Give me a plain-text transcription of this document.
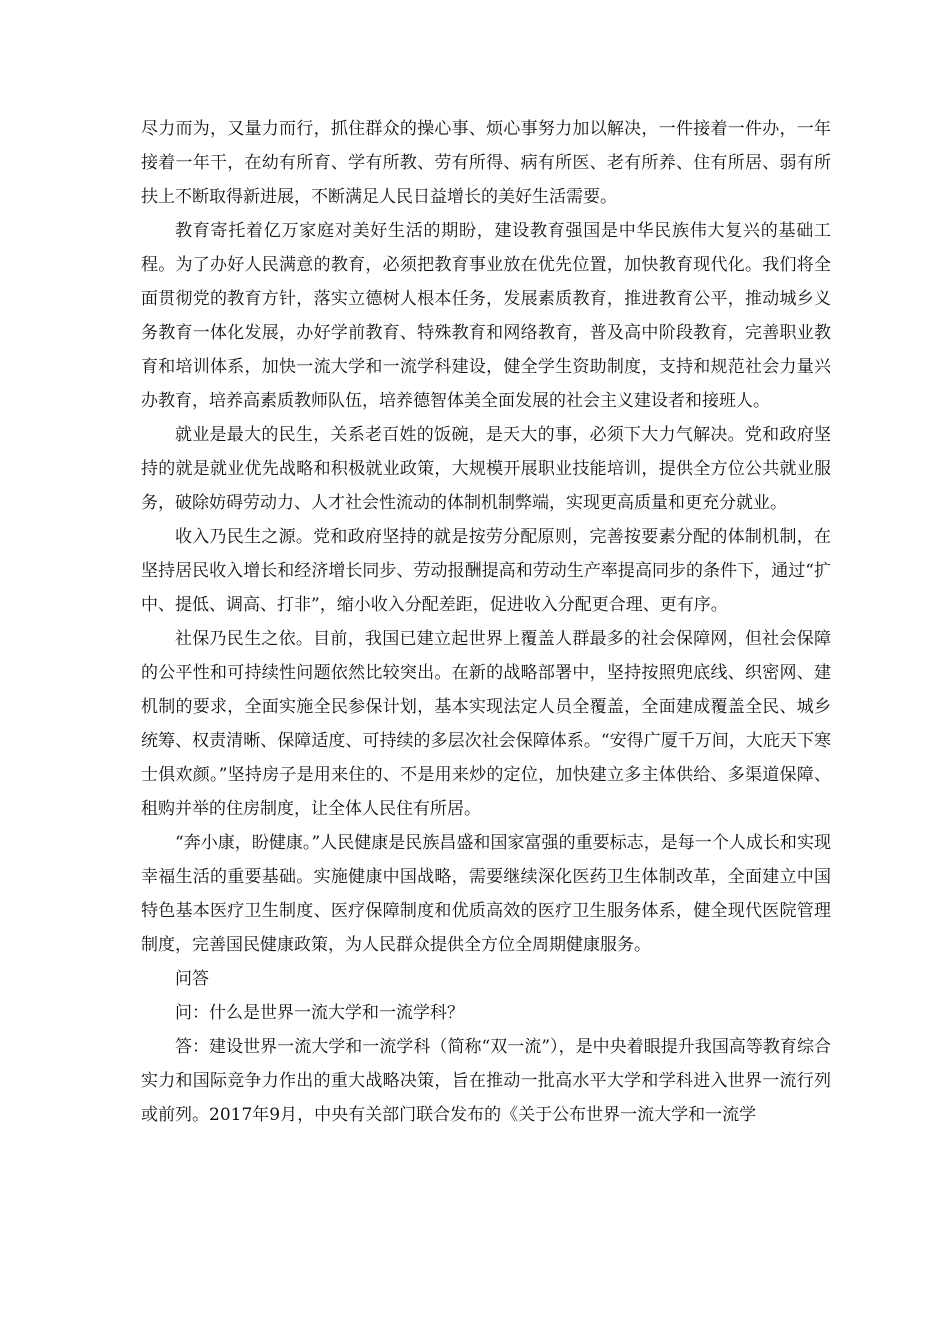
尽力而为，又量力而行，抓住群众的操心事、烦心事努力加以解决，一件接着一件办，一年接着一年干，在幼有所育、学有所教、劳有所得、病有所医、老有所养、住有所居、弱有所扶上不断取得新进展，不断满足人民日益增长的美好生活需要。

教育寄托着亿万家庭对美好生活的期盼，建设教育强国是中华民族伟大复兴的基础工程。为了办好人民满意的教育，必须把教育事业放在优先位置，加快教育现代化。我们将全面贯彻党的教育方针，落实立德树人根本任务，发展素质教育，推进教育公平，推动城乡义务教育一体化发展，办好学前教育、特殊教育和网络教育，普及高中阶段教育，完善职业教育和培训体系，加快一流大学和一流学科建设，健全学生资助制度，支持和规范社会力量兴办教育，培养高素质教师队伍，培养德智体美全面发展的社会主义建设者和接班人。

就业是最大的民生，关系老百姓的饭碗，是天大的事，必须下大力气解决。党和政府坚持的就是就业优先战略和积极就业政策，大规模开展职业技能培训，提供全方位公共就业服务，破除妨碍劳动力、人才社会性流动的体制机制弊端，实现更高质量和更充分就业。

收入乃民生之源。党和政府坚持的就是按劳分配原则，完善按要素分配的体制机制，在坚持居民收入增长和经济增长同步、劳动报酬提高和劳动生产率提高同步的条件下，通过“扩中、提低、调高、打非”，缩小收入分配差距，促进收入分配更合理、更有序。

社保乃民生之依。目前，我国已建立起世界上覆盖人群最多的社会保障网，但社会保障的公平性和可持续性问题依然比较突出。在新的战略部署中，坚持按照兜底线、织密网、建机制的要求，全面实施全民参保计划，基本实现法定人员全覆盖，全面建成覆盖全民、城乡统筹、权责清晰、保障适度、可持续的多层次社会保障体系。“安得广厦千万间，大庇天下寒士俱欢颜。”坚持房子是用来住的、不是用来炒的定位，加快建立多主体供给、多渠道保障、租购并举的住房制度，让全体人民住有所居。

“奔小康，盼健康。”人民健康是民族昌盛和国家富强的重要标志，是每一个人成长和实现幸福生活的重要基础。实施健康中国战略，需要继续深化医药卫生体制改革，全面建立中国特色基本医疗卫生制度、医疗保障制度和优质高效的医疗卫生服务体系，健全现代医院管理制度，完善国民健康政策，为人民群众提供全方位全周期健康服务。

问答

问：什么是世界一流大学和一流学科？

答：建设世界一流大学和一流学科（简称“双一流”），是中央着眼提升我国高等教育综合实力和国际竞争力作出的重大战略决策，旨在推动一批高水平大学和学科进入世界一流行列或前列。2017年9月，中央有关部门联合发布的《关于公布世界一流大学和一流学
